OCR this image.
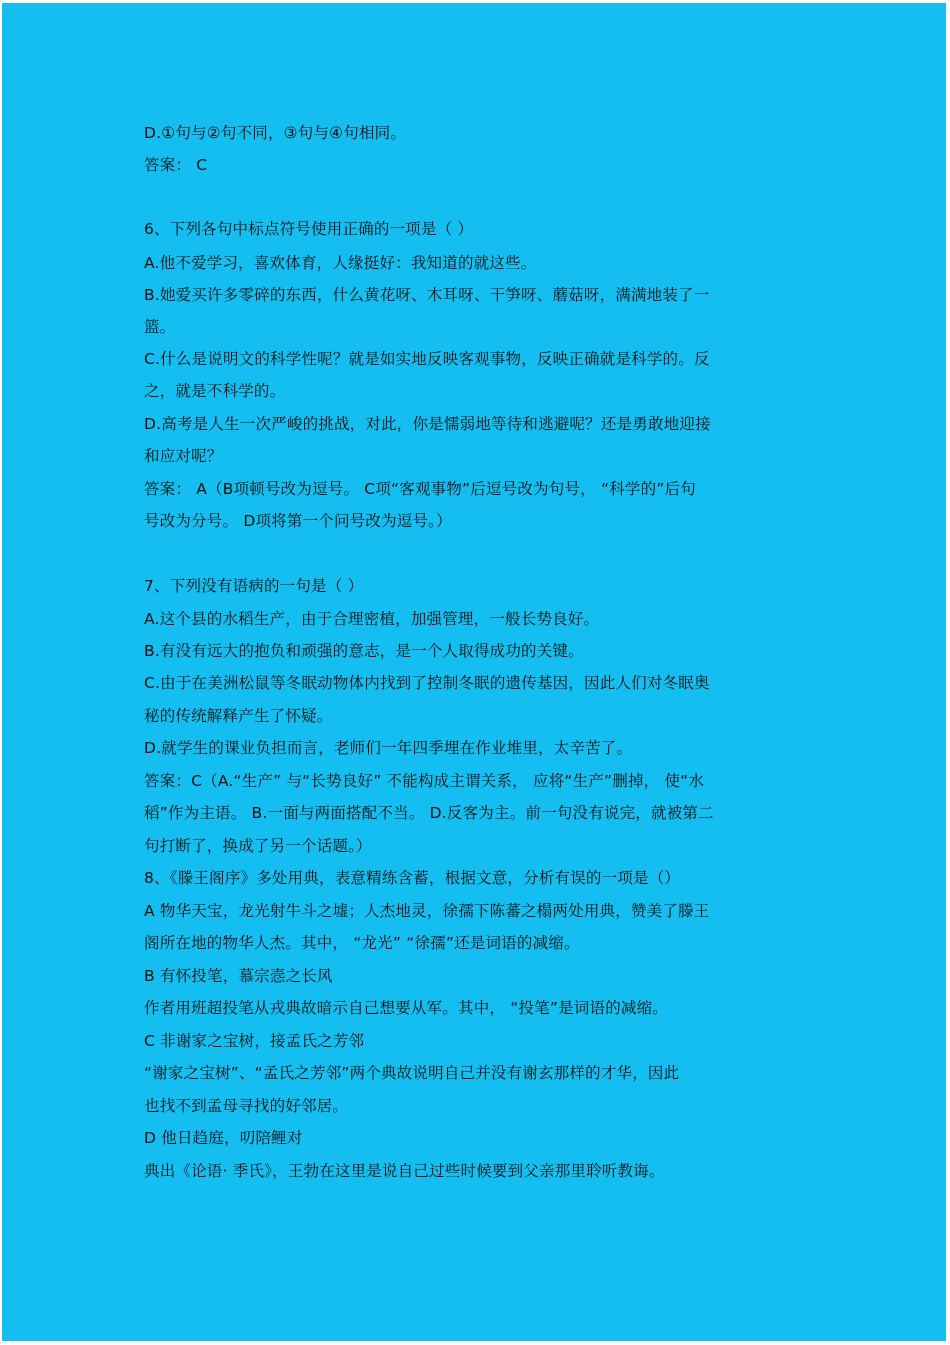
D.①句与②句不同，③句与④句相同。
答案： C
6、下列各句中标点符号使用正确的一项是（ ）
A.他不爱学习，喜欢体育，人缘挺好：我知道的就这些。
B.她爱买许多零碎的东西，什么黄花呀、木耳呀、干笋呀、蘑菇呀，满满地装了一
篮。
C.什么是说明文的科学性呢？就是如实地反映客观事物，反映正确就是科学的。反
之，就是不科学的。
D.高考是人生一次严峻的挑战，对此，你是懦弱地等待和逃避呢？还是勇敢地迎接
和应对呢？
答案： A（B项顿号改为逗号。 C项“客观事物”后逗号改为句号， “科学的”后句
号改为分号。 D项将第一个问号改为逗号。）
7、下列没有语病的一句是（ ）
A.这个县的水稻生产，由于合理密植，加强管理，一般长势良好。
B.有没有远大的抱负和顽强的意志，是一个人取得成功的关键。
C.由于在美洲松鼠等冬眠动物体内找到了控制冬眠的遗传基因，因此人们对冬眠奥
秘的传统解释产生了怀疑。
D.就学生的课业负担而言，老师们一年四季埋在作业堆里，太辛苦了。
答案：C（A.“生产” 与“长势良好” 不能构成主谓关系， 应将“生产”删掉， 使“水
稻”作为主语。 B.一面与两面搭配不当。 D.反客为主。前一句没有说完，就被第二
句打断了，换成了另一个话题。）
8、《滕王阁序》多处用典，表意精练含蓄，根据文意，分析有误的一项是（）
A 物华天宝，龙光射牛斗之墟；人杰地灵，徐孺下陈蕃之榻两处用典，赞美了滕王
阁所在地的物华人杰。其中， “龙光” “徐孺”还是词语的减缩。
B 有怀投笔，慕宗悫之长风
作者用班超投笔从戎典故暗示自己想要从军。其中， “投笔”是词语的减缩。
C 非谢家之宝树，接孟氏之芳邻
“谢家之宝树”、“孟氏之芳邻”两个典故说明自己并没有谢玄那样的才华，因此
也找不到孟母寻找的好邻居。
D 他日趋庭，叨陪鲤对
典出《论语· 季氏》，王勃在这里是说自己过些时候要到父亲那里聆听教诲。
